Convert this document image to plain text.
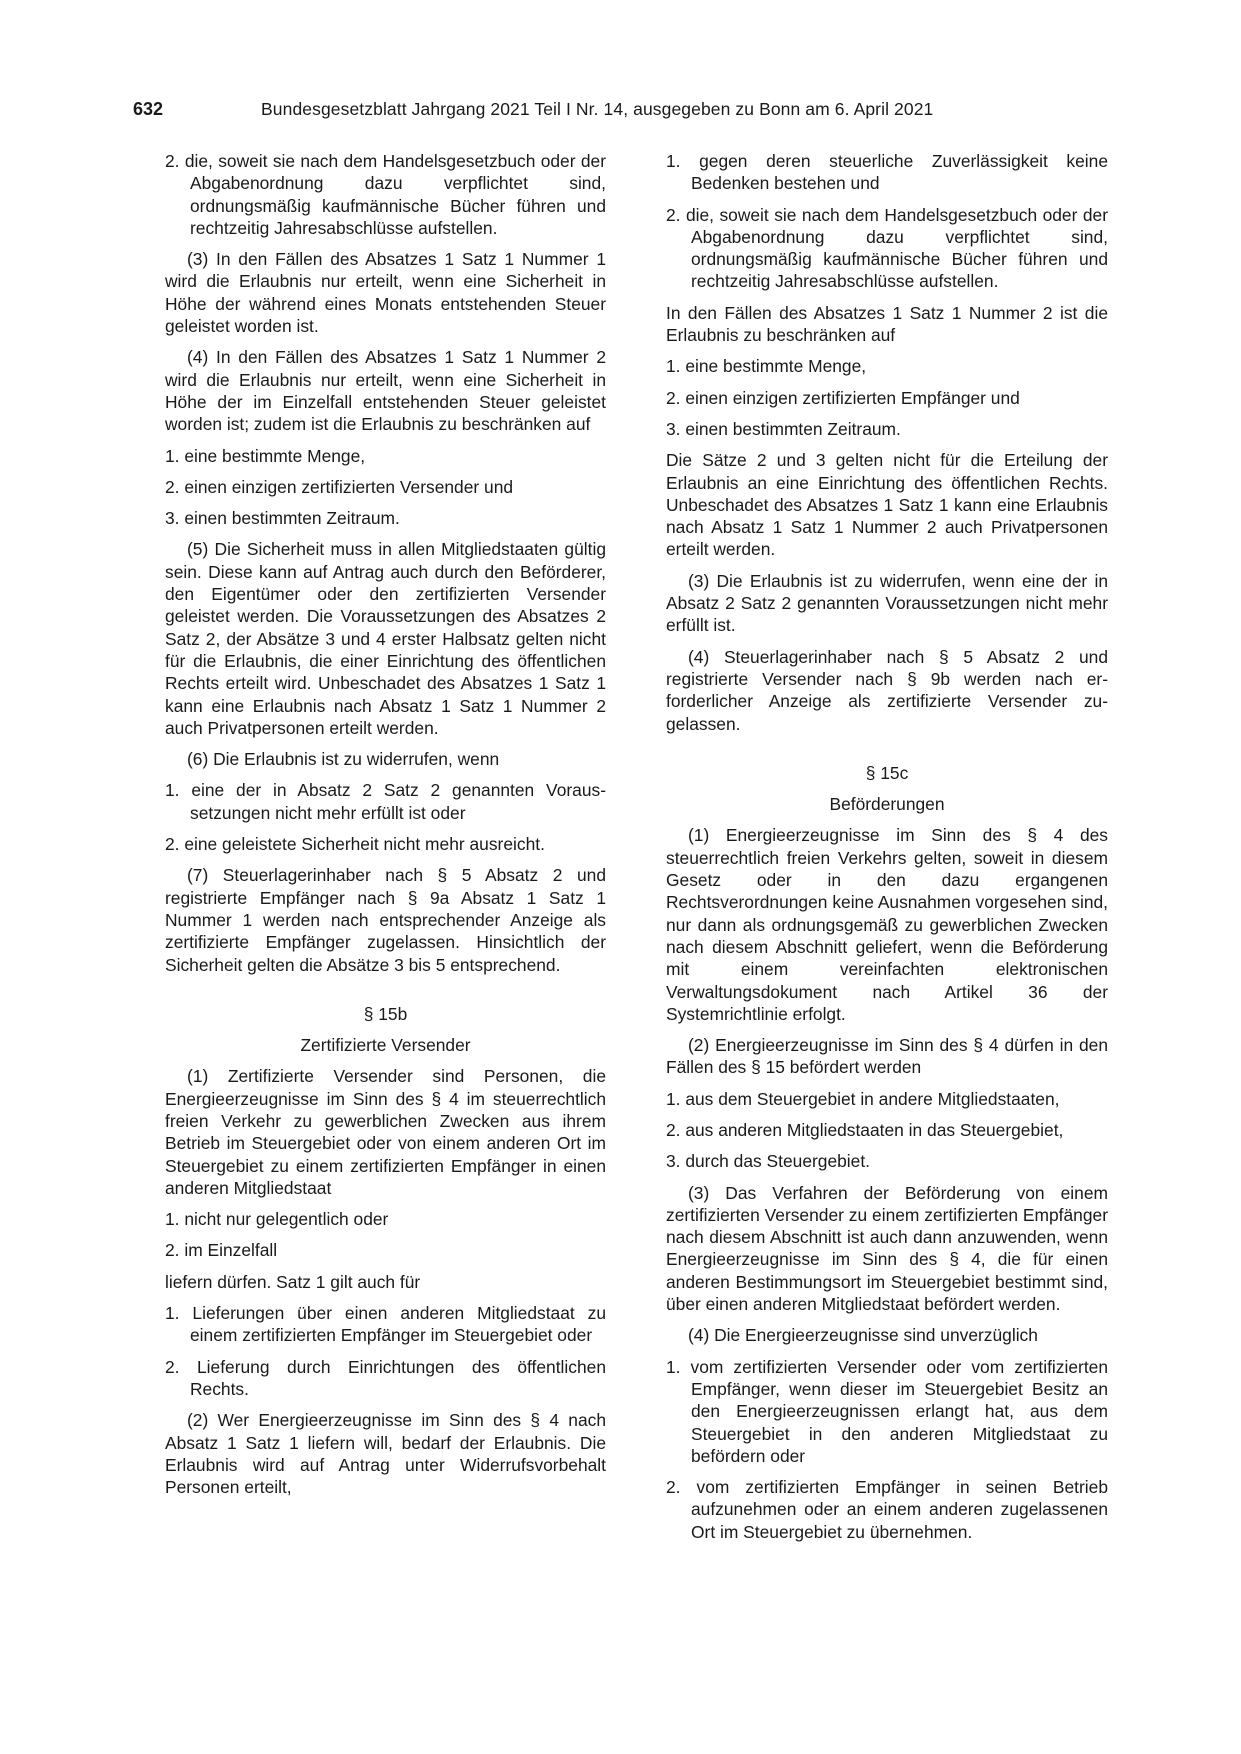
632	Bundesgesetzblatt Jahrgang 2021 Teil I Nr. 14, ausgegeben zu Bonn am 6. April 2021
2. die, soweit sie nach dem Handelsgesetzbuch oder der Abgabenordnung dazu verpflichtet sind, ordnungsmäßig kaufmännische Bücher führen und rechtzeitig Jahresabschlüsse aufstellen.
(3) In den Fällen des Absatzes 1 Satz 1 Nummer 1 wird die Erlaubnis nur erteilt, wenn eine Sicherheit in Höhe der während eines Monats entstehenden Steuer geleistet worden ist.
(4) In den Fällen des Absatzes 1 Satz 1 Nummer 2 wird die Erlaubnis nur erteilt, wenn eine Sicherheit in Höhe der im Einzelfall entstehenden Steuer geleistet worden ist; zudem ist die Erlaubnis zu beschränken auf
1. eine bestimmte Menge,
2. einen einzigen zertifizierten Versender und
3. einen bestimmten Zeitraum.
(5) Die Sicherheit muss in allen Mitgliedstaaten gültig sein. Diese kann auf Antrag auch durch den Beförderer, den Eigentümer oder den zertifizierten Versender geleistet werden. Die Voraussetzungen des Absatzes 2 Satz 2, der Absätze 3 und 4 erster Halbsatz gelten nicht für die Erlaubnis, die einer Einrichtung des öffentlichen Rechts erteilt wird. Unbeschadet des Absatzes 1 Satz 1 kann eine Erlaubnis nach Absatz 1 Satz 1 Nummer 2 auch Privatpersonen erteilt werden.
(6) Die Erlaubnis ist zu widerrufen, wenn
1. eine der in Absatz 2 Satz 2 genannten Voraussetzungen nicht mehr erfüllt ist oder
2. eine geleistete Sicherheit nicht mehr ausreicht.
(7) Steuerlagerinhaber nach § 5 Absatz 2 und registrierte Empfänger nach § 9a Absatz 1 Satz 1 Nummer 1 werden nach entsprechender Anzeige als zertifizierte Empfänger zugelassen. Hinsichtlich der Sicherheit gelten die Absätze 3 bis 5 entsprechend.
§ 15b
Zertifizierte Versender
(1) Zertifizierte Versender sind Personen, die Energieerzeugnisse im Sinn des § 4 im steuerrechtlich freien Verkehr zu gewerblichen Zwecken aus ihrem Betrieb im Steuergebiet oder von einem anderen Ort im Steuergebiet zu einem zertifizierten Empfänger in einen anderen Mitgliedstaat
1. nicht nur gelegentlich oder
2. im Einzelfall
liefern dürfen. Satz 1 gilt auch für
1. Lieferungen über einen anderen Mitgliedstaat zu einem zertifizierten Empfänger im Steuergebiet oder
2. Lieferung durch Einrichtungen des öffentlichen Rechts.
(2) Wer Energieerzeugnisse im Sinn des § 4 nach Absatz 1 Satz 1 liefern will, bedarf der Erlaubnis. Die Erlaubnis wird auf Antrag unter Widerrufsvorbehalt Personen erteilt,
1. gegen deren steuerliche Zuverlässigkeit keine Bedenken bestehen und
2. die, soweit sie nach dem Handelsgesetzbuch oder der Abgabenordnung dazu verpflichtet sind, ordnungsmäßig kaufmännische Bücher führen und rechtzeitig Jahresabschlüsse aufstellen.
In den Fällen des Absatzes 1 Satz 1 Nummer 2 ist die Erlaubnis zu beschränken auf
1. eine bestimmte Menge,
2. einen einzigen zertifizierten Empfänger und
3. einen bestimmten Zeitraum.
Die Sätze 2 und 3 gelten nicht für die Erteilung der Erlaubnis an eine Einrichtung des öffentlichen Rechts. Unbeschadet des Absatzes 1 Satz 1 kann eine Erlaubnis nach Absatz 1 Satz 1 Nummer 2 auch Privatpersonen erteilt werden.
(3) Die Erlaubnis ist zu widerrufen, wenn eine der in Absatz 2 Satz 2 genannten Voraussetzungen nicht mehr erfüllt ist.
(4) Steuerlagerinhaber nach § 5 Absatz 2 und registrierte Versender nach § 9b werden nach erforderlicher Anzeige als zertifizierte Versender zugelassen.
§ 15c
Beförderungen
(1) Energieerzeugnisse im Sinn des § 4 des steuerrechtlich freien Verkehrs gelten, soweit in diesem Gesetz oder in den dazu ergangenen Rechtsverordnungen keine Ausnahmen vorgesehen sind, nur dann als ordnungsgemäß zu gewerblichen Zwecken nach diesem Abschnitt geliefert, wenn die Beförderung mit einem vereinfachten elektronischen Verwaltungsdokument nach Artikel 36 der Systemrichtlinie erfolgt.
(2) Energieerzeugnisse im Sinn des § 4 dürfen in den Fällen des § 15 befördert werden
1. aus dem Steuergebiet in andere Mitgliedstaaten,
2. aus anderen Mitgliedstaaten in das Steuergebiet,
3. durch das Steuergebiet.
(3) Das Verfahren der Beförderung von einem zertifizierten Versender zu einem zertifizierten Empfänger nach diesem Abschnitt ist auch dann anzuwenden, wenn Energieerzeugnisse im Sinn des § 4, die für einen anderen Bestimmungsort im Steuergebiet bestimmt sind, über einen anderen Mitgliedstaat befördert werden.
(4) Die Energieerzeugnisse sind unverzüglich
1. vom zertifizierten Versender oder vom zertifizierten Empfänger, wenn dieser im Steuergebiet Besitz an den Energieerzeugnissen erlangt hat, aus dem Steuergebiet in den anderen Mitgliedstaat zu befördern oder
2. vom zertifizierten Empfänger in seinen Betrieb aufzunehmen oder an einem anderen zugelassenen Ort im Steuergebiet zu übernehmen.
